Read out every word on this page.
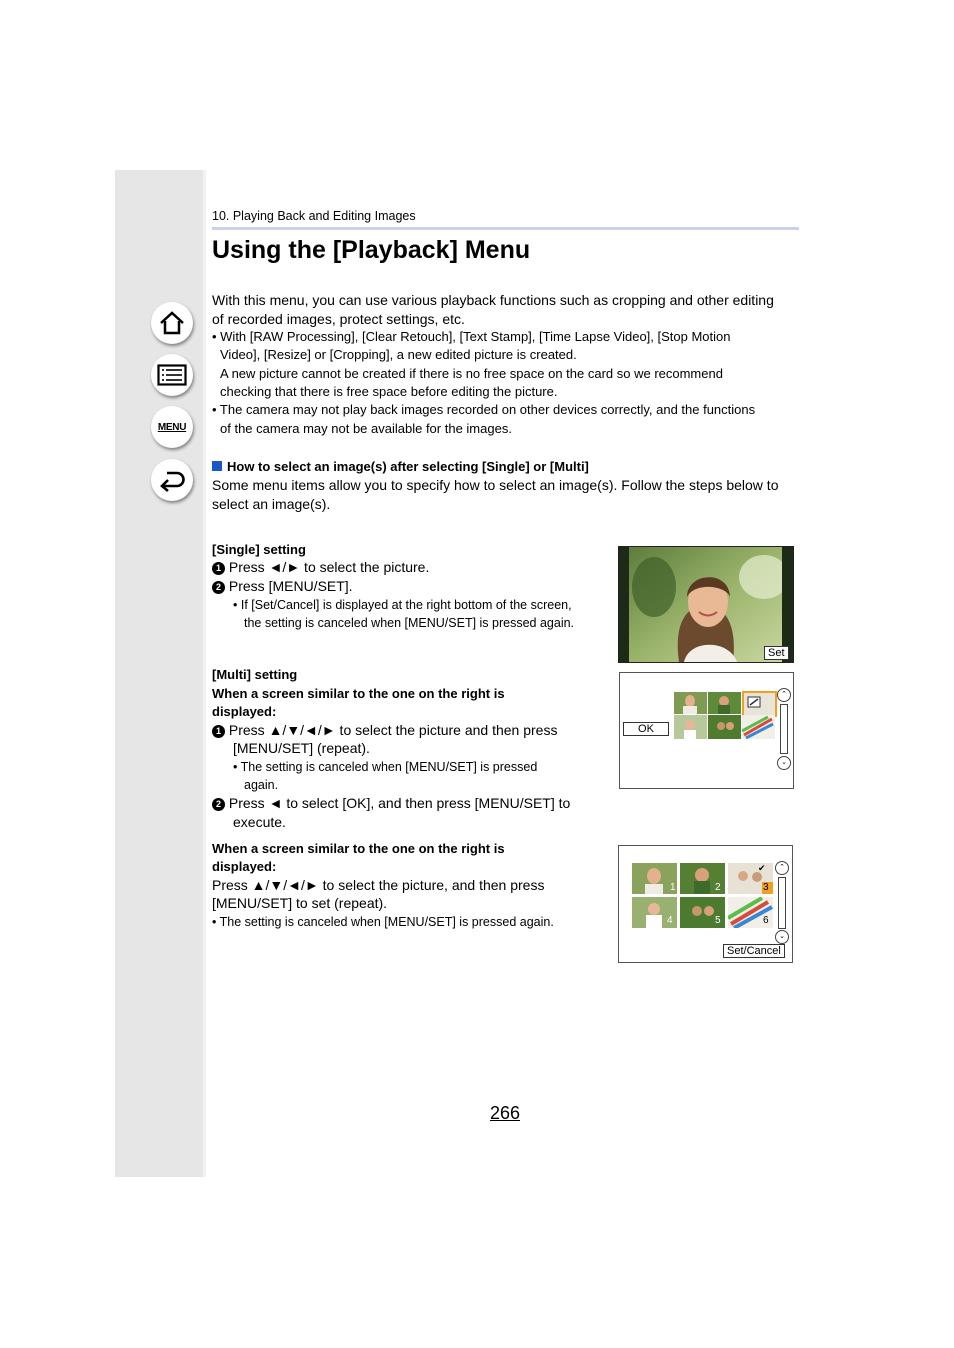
MENU
10. Playing Back and Editing Images
Using the [Playback] Menu
With this menu, you can use various playback functions such as cropping and other editing of recorded images, protect settings, etc.
• With [RAW Processing], [Clear Retouch], [Text Stamp], [Time Lapse Video], [Stop Motion
Video], [Resize] or [Cropping], a new edited picture is created.
A new picture cannot be created if there is no free space on the card so we recommend
checking that there is free space before editing the picture.
• The camera may not play back images recorded on other devices correctly, and the functions
of the camera may not be available for the images.
How to select an image(s) after selecting [Single] or [Multi]
Some menu items allow you to specify how to select an image(s). Follow the steps below to select an image(s).
[Single] setting
1 Press ◄/► to select the picture.
2 Press [MENU/SET].
• If [Set/Cancel] is displayed at the right bottom of the screen,
the setting is canceled when [MENU/SET] is pressed again.
Set
[Multi] setting
When a screen similar to the one on the right is
displayed:
1 Press ▲/▼/◄/► to select the picture and then press
[MENU/SET] (repeat).
• The setting is canceled when [MENU/SET] is pressed
again.
2 Press ◄ to select [OK], and then press [MENU/SET] to
execute.
OK
⌃
⌄
When a screen similar to the one on the right is
displayed:
Press ▲/▼/◄/► to select the picture, and then press
[MENU/SET] to set (repeat).
• The setting is canceled when [MENU/SET] is pressed again.
1	2	3
✔
4	5	6
⌃
⌄
Set/Cancel
266
